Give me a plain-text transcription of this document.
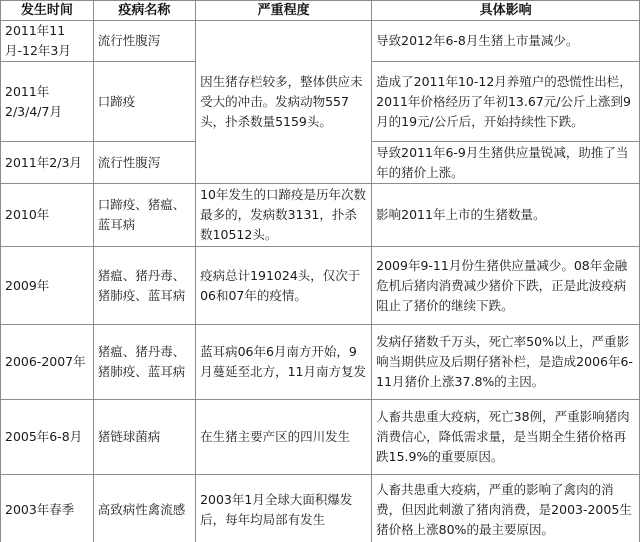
发生时间	疫病名称	严重程度	具体影响
2011年11月-12年3月	流行性腹泻	因生猪存栏较多，整体供应未受大的冲击。发病动物557头，扑杀数量5159头。	导致2012年6-8月生猪上市量减少。
2011年2/3/4/7月	口蹄疫		造成了2011年10-12月养殖户的恐慌性出栏，2011年价格经历了年初13.67元/公斤上涨到9月的19元/公斤后，开始持续性下跌。
2011年2/3月	流行性腹泻		导致2011年6-9月生猪供应量锐减，助推了当年的猪价上涨。
2010年	口蹄疫、猪瘟、蓝耳病	10年发生的口蹄疫是历年次数最多的，发病数3131，扑杀数10512头。	影响2011年上市的生猪数量。
2009年	猪瘟、猪丹毒、猪肺疫、蓝耳病	疫病总计191024头，仅次于06和07年的疫情。	2009年9-11月份生猪供应量减少。08年金融危机后猪肉消费减少猪价下跌，正是此波疫病阻止了猪价的继续下跌。
2006-2007年	猪瘟、猪丹毒、猪肺疫、蓝耳病	蓝耳病06年6月南方开始，9月蔓延至北方，11月南方复发	发病仔猪数千万头，死亡率50%以上，严重影响当期供应及后期仔猪补栏，是造成2006年6-11月猪价上涨37.8%的主因。
2005年6-8月	猪链球菌病	在生猪主要产区的四川发生	人畜共患重大疫病，死亡38例，严重影响猪肉消费信心，降低需求量，是当期全生猪价格再跌15.9%的重要原因。
2003年春季	高致病性禽流感	2003年1月全球大面积爆发后，每年均局部有发生	人畜共患重大疫病，严重的影响了禽肉的消费，但因此刺激了猪肉消费，是2003-2005生猪价格上涨80%的最主要原因。
